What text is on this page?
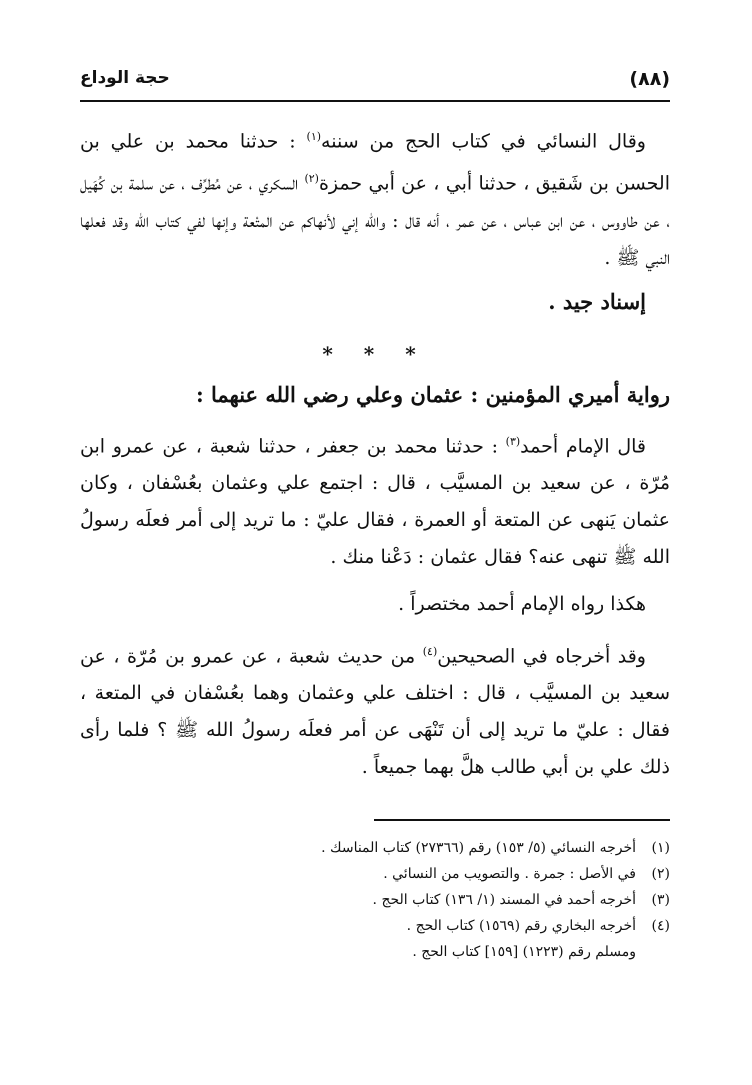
(٨٨)
حجة الوداع

وقال النسائي في كتاب الحج من سننه$^{(١)}$ : حدثنا محمد بن علي بن الحسن بن شَقيق ، حدثنا أبي ، عن أبي حمزة$^{(٢)}$ السكري ، عن مُطرِّف ، عن سلمة بن كُهَيل ، عن طاووس ، عن ابن عباس ، عن عمر ، أنه قال : والله إني لأنهاكم عن المتْعة وإنها لفي كتاب الله وقد فعلها النبي ﷺ .

إسناد جيد .

* * *
رواية أميري المؤمنين : عثمان وعلي رضي الله عنهما :

قال الإمام أحمد$^{(٣)}$ : حدثنا محمد بن جعفر ، حدثنا شعبة ، عن عمرو ابن مُرّة ، عن سعيد بن المسيَّب ، قال : اجتمع علي وعثمان بعُسْفان ، وكان عثمان يَنهى عن المتعة أو العمرة ، فقال عليّ : ما تريد إلى أمر فعلَه رسولُ الله ﷺ تنهى عنه؟ فقال عثمان : دَعْنا منك .

هكذا رواه الإمام أحمد مختصراً .

وقد أخرجاه في الصحيحين$^{(٤)}$ من حديث شعبة ، عن عمرو بن مُرّة ، عن سعيد بن المسيَّب ، قال : اختلف علي وعثمان وهما بعُسْفان في المتعة ، فقال : عليّ ما تريد إلى أن تَنْهَى عن أمر فعلَه رسولُ الله ﷺ ؟ فلما رأى ذلك علي بن أبي طالب هلَّ بهما جميعاً .

(١)أخرجه النسائي (٥/ ١٥٣) رقم (٢٧٣٦٦) كتاب المناسك .

(٢)في الأصل : جمرة . والتصويب من النسائي .

(٣)أخرجه أحمد في المسند (١/ ١٣٦) كتاب الحج .

(٤)أخرجه البخاري رقم (١٥٦٩) كتاب الحج .

ومسلم رقم (١٢٢٣) [١٥٩] كتاب الحج .
